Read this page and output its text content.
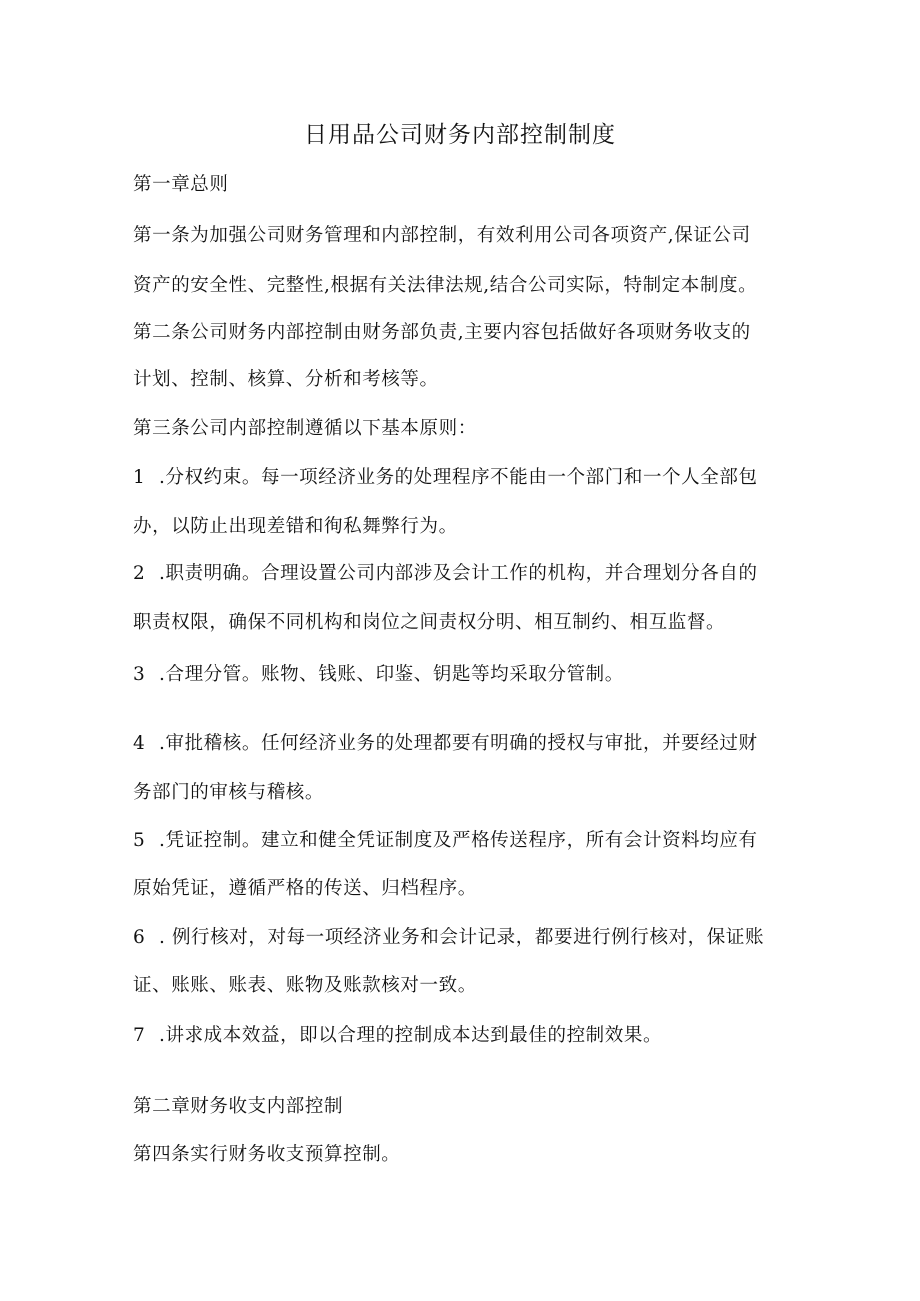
日用品公司财务内部控制制度

第一章总则

第一条为加强公司财务管理和内部控制，有效利用公司各项资产,保证公司

资产的安全性、完整性,根据有关法律法规,结合公司实际，特制定本制度。

第二条公司财务内部控制由财务部负责,主要内容包括做好各项财务收支的

计划、控制、核算、分析和考核等。

第三条公司内部控制遵循以下基本原则：

1 .分权约束。每一项经济业务的处理程序不能由一个部门和一个人全部包

办，以防止出现差错和徇私舞弊行为。

2 .职责明确。合理设置公司内部涉及会计工作的机构，并合理划分各自的

职责权限，确保不同机构和岗位之间责权分明、相互制约、相互监督。

3 .合理分管。账物、钱账、印鉴、钥匙等均采取分管制。

4 .审批稽核。任何经济业务的处理都要有明确的授权与审批，并要经过财

务部门的审核与稽核。

5 .凭证控制。建立和健全凭证制度及严格传送程序，所有会计资料均应有

原始凭证，遵循严格的传送、归档程序。

6 . 例行核对，对每一项经济业务和会计记录，都要进行例行核对，保证账

证、账账、账表、账物及账款核对一致。

7 .讲求成本效益，即以合理的控制成本达到最佳的控制效果。

第二章财务收支内部控制

第四条实行财务收支预算控制。
